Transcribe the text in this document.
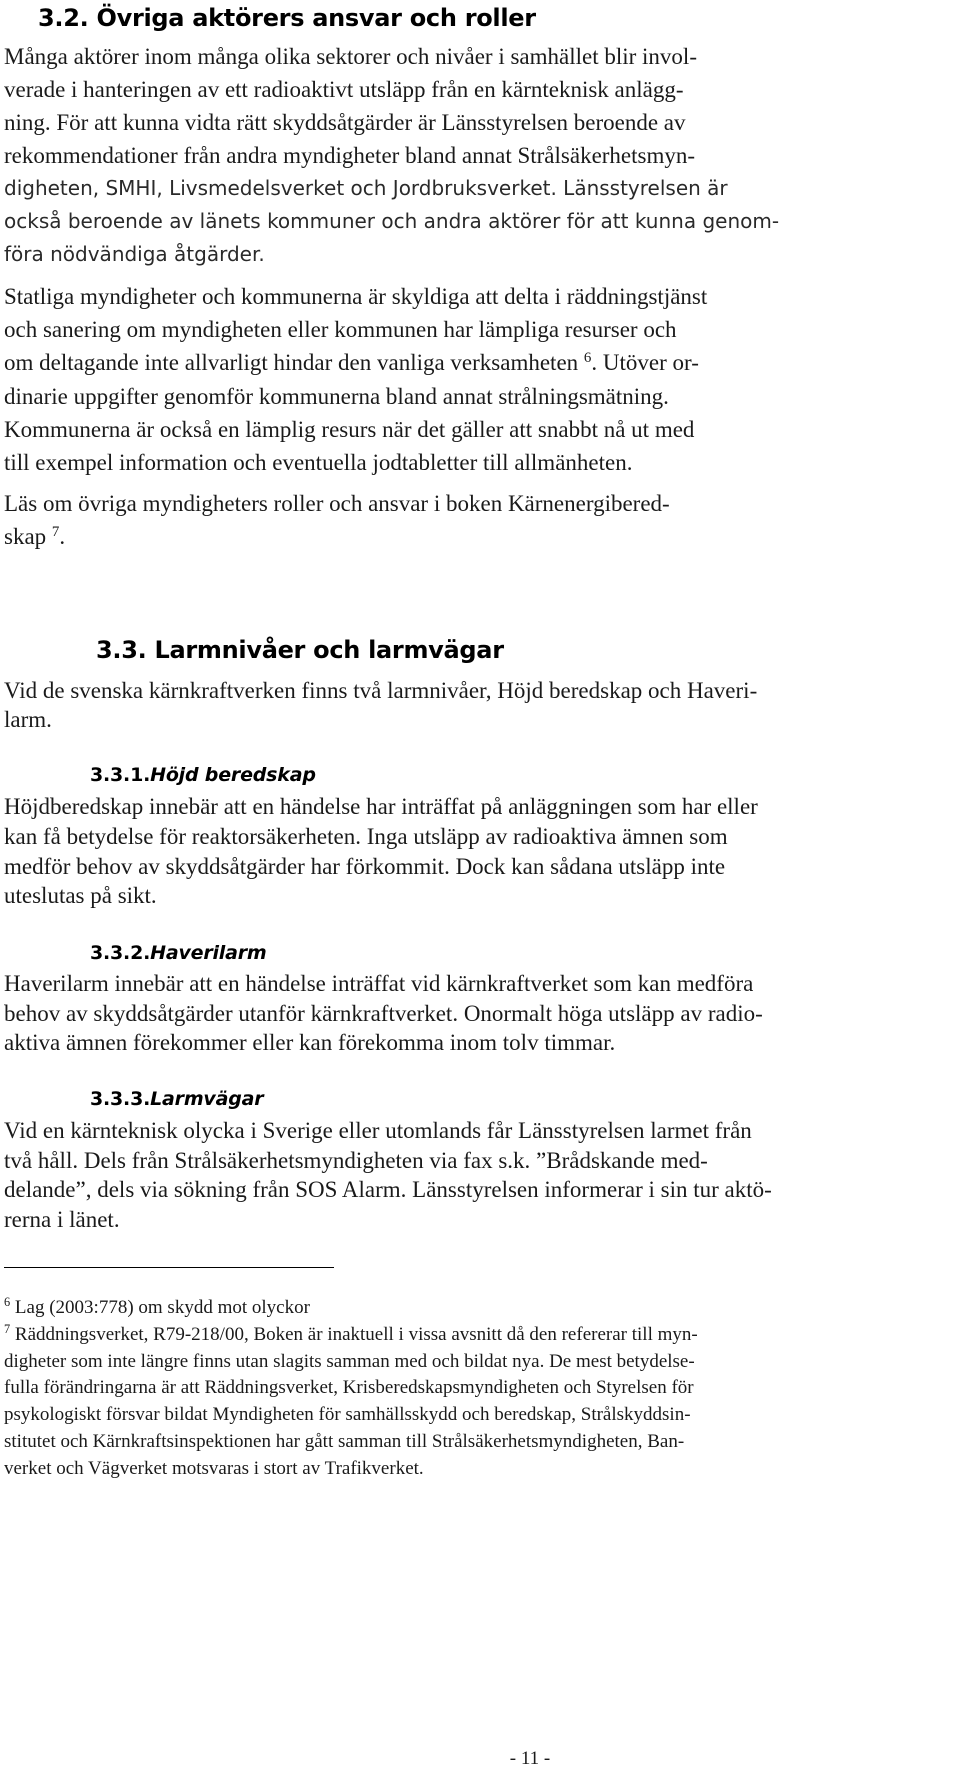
3.2. Övriga aktörers ansvar och roller
Många aktörer inom många olika sektorer och nivåer i samhället blir invol-
verade i hanteringen av ett radioaktivt utsläpp från en kärnteknisk anlägg-
ning. För att kunna vidta rätt skyddsåtgärder är Länsstyrelsen beroende av
rekommendationer från andra myndigheter bland annat Strålsäkerhetsmyn-
digheten, SMHI, Livsmedelsverket och Jordbruksverket. Länsstyrelsen är
också beroende av länets kommuner och andra aktörer för att kunna genom-
föra nödvändiga åtgärder.
Statliga myndigheter och kommunerna är skyldiga att delta i räddningstjänst
och sanering om myndigheten eller kommunen har lämpliga resurser och
om deltagande inte allvarligt hindar den vanliga verksamheten $^6$. Utöver or-
dinarie uppgifter genomför kommunerna bland annat strålningsmätning.
Kommunerna är också en lämplig resurs när det gäller att snabbt nå ut med
till exempel information och eventuella jodtabletter till allmänheten.
Läs om övriga myndigheters roller och ansvar i boken Kärnenergibered-
skap $^7$.
3.3. Larmnivåer och larmvägar
Vid de svenska kärnkraftverken finns två larmnivåer, Höjd beredskap och Haveri-
larm.
3.3.1.Höjd beredskap
Höjdberedskap innebär att en händelse har inträffat på anläggningen som har eller
kan få betydelse för reaktorsäkerheten. Inga utsläpp av radioaktiva ämnen som
medför behov av skyddsåtgärder har förkommit. Dock kan sådana utsläpp inte
uteslutas på sikt.
3.3.2.Haverilarm
Haverilarm innebär att en händelse inträffat vid kärnkraftverket som kan medföra
behov av skyddsåtgärder utanför kärnkraftverket. Onormalt höga utsläpp av radio-
aktiva ämnen förekommer eller kan förekomma inom tolv timmar.
3.3.3.Larmvägar
Vid en kärnteknisk olycka i Sverige eller utomlands får Länsstyrelsen larmet från
två håll. Dels från Strålsäkerhetsmyndigheten via fax s.k. ”Brådskande med-
delande”, dels via sökning från SOS Alarm. Länsstyrelsen informerar i sin tur aktö-
rerna i länet.
$^6$ Lag (2003:778) om skydd mot olyckor
$^7$ Räddningsverket, R79-218/00, Boken är inaktuell i vissa avsnitt då den refererar till myn-
digheter som inte längre finns utan slagits samman med och bildat nya. De mest betydelse-
fulla förändringarna är att Räddningsverket, Krisberedskapsmyndigheten och Styrelsen för
psykologiskt försvar bildat Myndigheten för samhällsskydd och beredskap, Strålskyddsin-
stitutet och Kärnkraftsinspektionen har gått samman till Strålsäkerhetsmyndigheten, Ban-
verket och Vägverket motsvaras i stort av Trafikverket.
- 11 -
